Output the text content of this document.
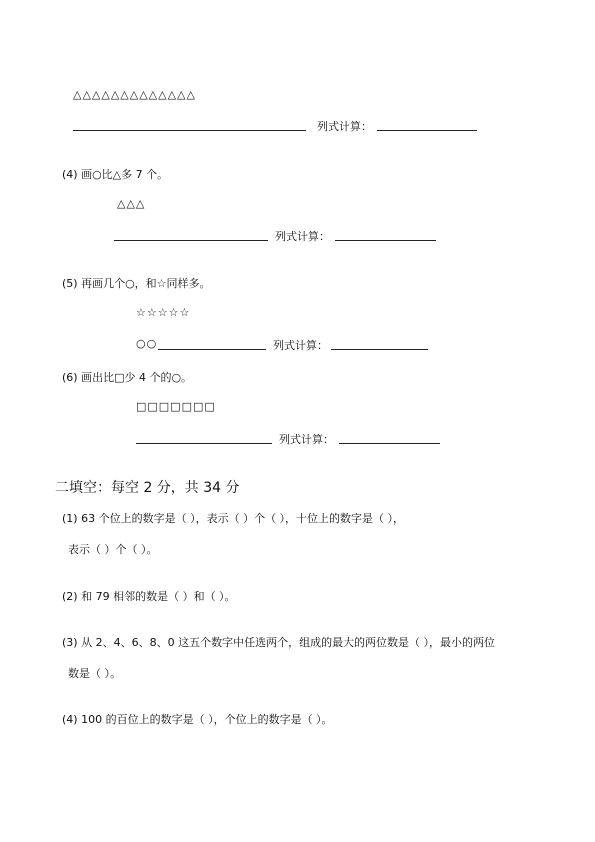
△△△△△△△△△△△△△
列式计算：
(4) 画○比△多 7 个。
△△△
列式计算：
(5) 再画几个○，和☆同样多。
☆☆☆☆☆
○○	列式计算：
(6) 画出比□少 4 个的○。
□□□□□□□
列式计算：
二填空：每空 2 分，共 34 分
(1) 63 个位上的数字是（ ），表示（ ）个（ ），十位上的数字是（ ），
表示（ ）个（ ）。
(2) 和 79 相邻的数是（ ）和（ ）。
(3) 从 2、4、6、8、0 这五个数字中任选两个，组成的最大的两位数是（ ），最小的两位
数是（ ）。
(4) 100 的百位上的数字是（ ），个位上的数字是（ ）。
